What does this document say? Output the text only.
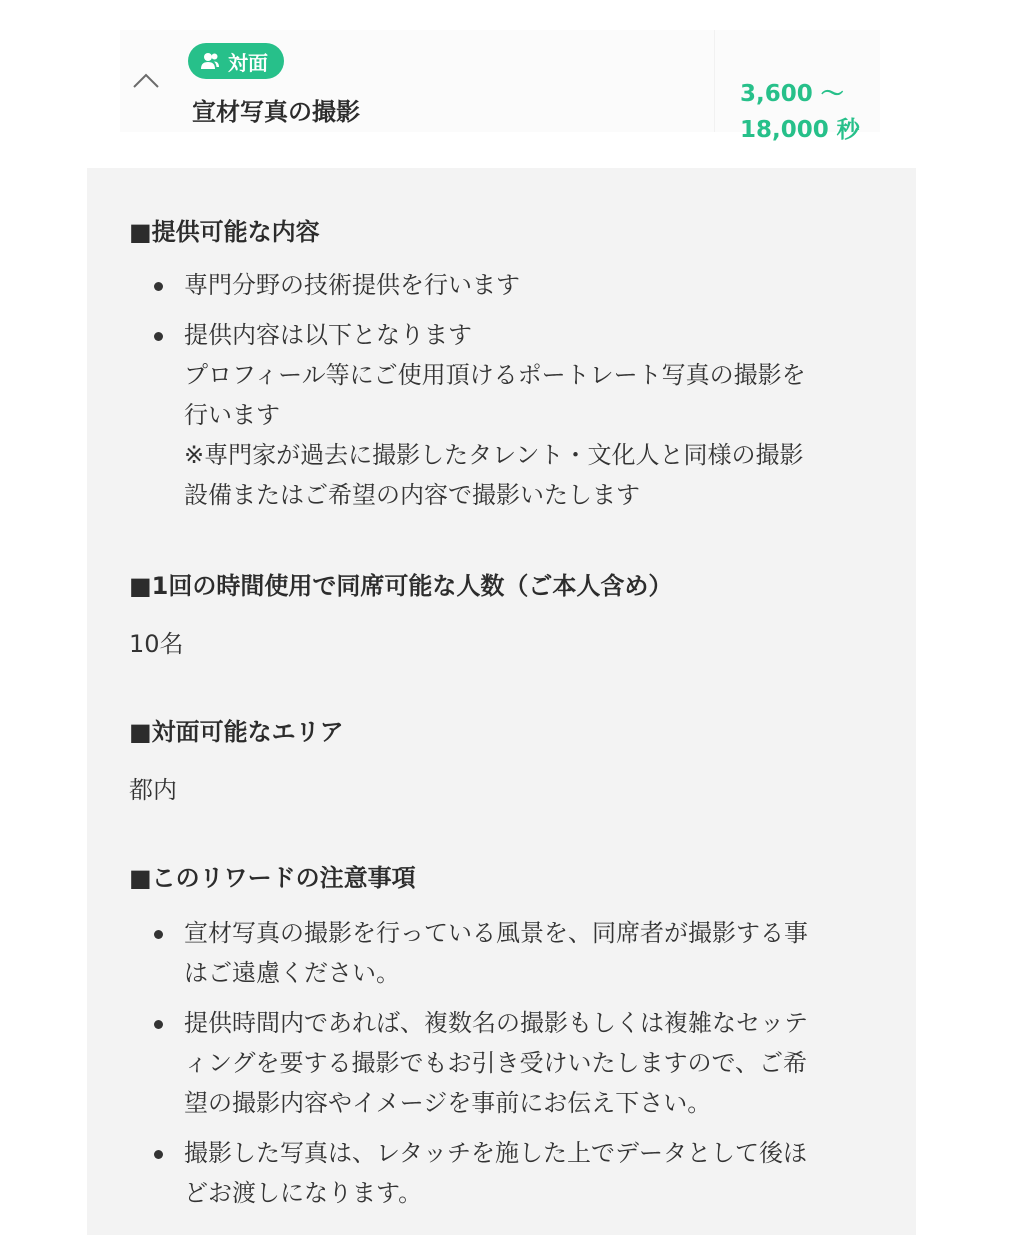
対面
宣材写真の撮影
3,600 〜
18,000 秒
■提供可能な内容
専門分野の技術提供を行います
提供内容は以下となります
プロフィール等にご使用頂けるポートレート写真の撮影を
行います
※専門家が過去に撮影したタレント・文化人と同様の撮影
設備またはご希望の内容で撮影いたします
■1回の時間使用で同席可能な人数（ご本人含め）
10名
■対面可能なエリア
都内
■このリワードの注意事項
宣材写真の撮影を行っている風景を、同席者が撮影する事
はご遠慮ください。
提供時間内であれば、複数名の撮影もしくは複雑なセッテ
ィングを要する撮影でもお引き受けいたしますので、ご希
望の撮影内容やイメージを事前にお伝え下さい。
撮影した写真は、レタッチを施した上でデータとして後ほ
どお渡しになります。
